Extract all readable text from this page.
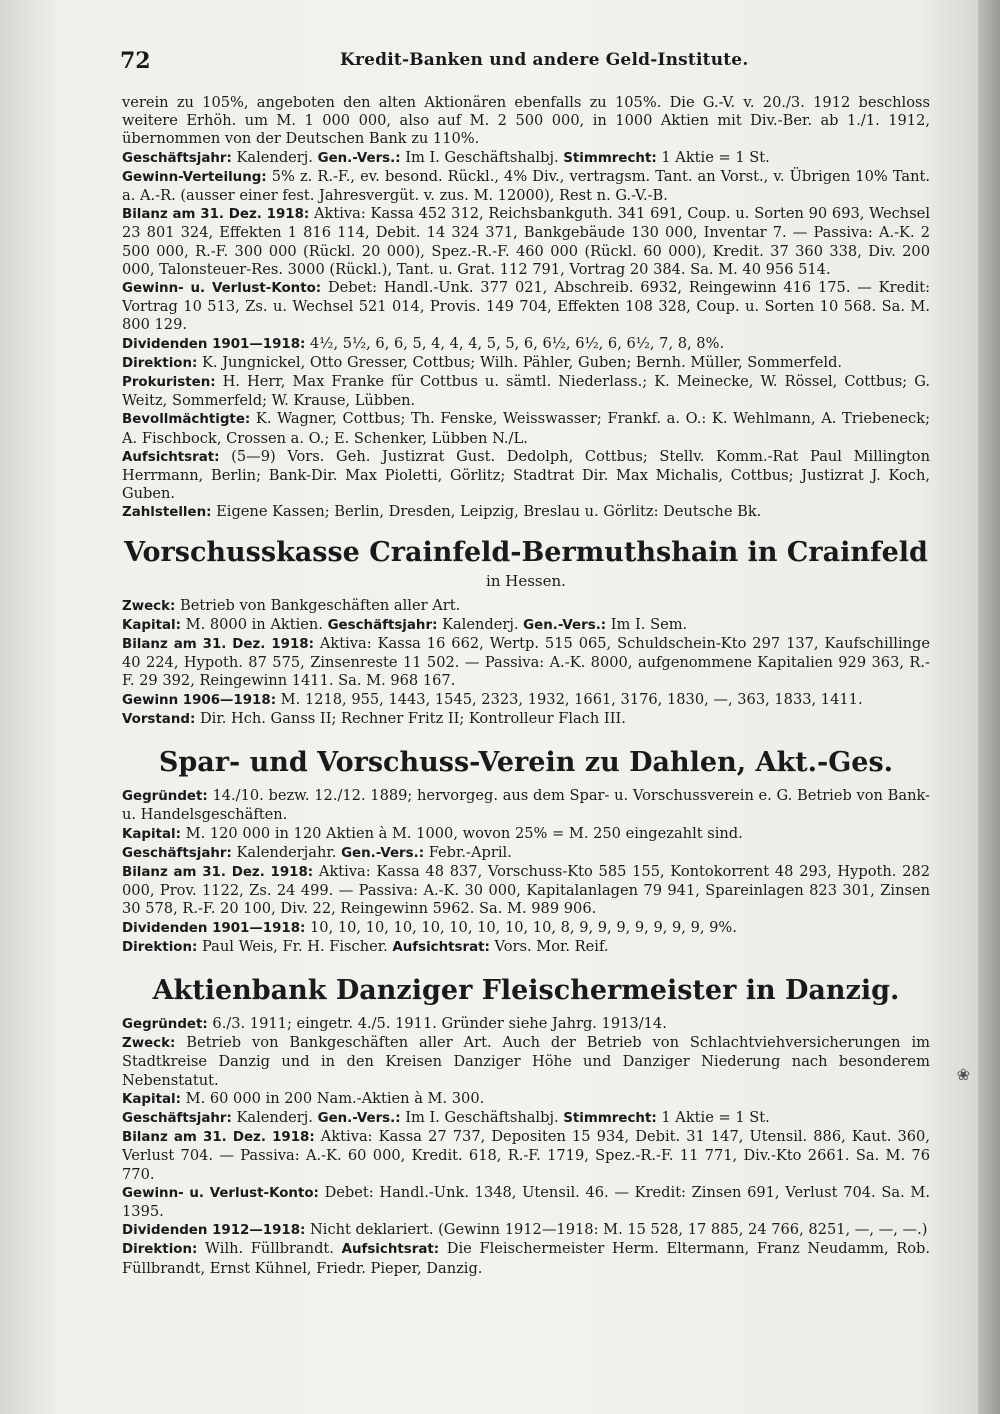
72	Kredit-Banken und andere Geld-Institute.

verein zu 105%, angeboten den alten Aktionären ebenfalls zu 105%. Die G.-V. v. 20./3. 1912 beschloss weitere Erhöh. um M. 1 000 000, also auf M. 2 500 000, in 1000 Aktien mit Div.-Ber. ab 1./1. 1912, übernommen von der Deutschen Bank zu 110%.

Geschäftsjahr: Kalenderj. Gen.-Vers.: Im I. Geschäftshalbj. Stimmrecht: 1 Aktie = 1 St.

Gewinn-Verteilung: 5% z. R.-F., ev. besond. Rückl., 4% Div., vertragsm. Tant. an Vorst., v. Übrigen 10% Tant. a. A.-R. (ausser einer fest. Jahresvergüt. v. zus. M. 12000), Rest n. G.-V.-B.

Bilanz am 31. Dez. 1918: Aktiva: Kassa 452 312, Reichsbankguth. 341 691, Coup. u. Sorten 90 693, Wechsel 23 801 324, Effekten 1 816 114, Debit. 14 324 371, Bankgebäude 130 000, Inventar 7. — Passiva: A.-K. 2 500 000, R.-F. 300 000 (Rückl. 20 000), Spez.-R.-F. 460 000 (Rückl. 60 000), Kredit. 37 360 338, Div. 200 000, Talonsteuer-Res. 3000 (Rückl.), Tant. u. Grat. 112 791, Vortrag 20 384. Sa. M. 40 956 514.

Gewinn- u. Verlust-Konto: Debet: Handl.-Unk. 377 021, Abschreib. 6932, Reingewinn 416 175. — Kredit: Vortrag 10 513, Zs. u. Wechsel 521 014, Provis. 149 704, Effekten 108 328, Coup. u. Sorten 10 568. Sa. M. 800 129.

Dividenden 1901—1918: 4½, 5½, 6, 6, 5, 4, 4, 4, 5, 5, 6, 6½, 6½, 6, 6½, 7, 8, 8%.

Direktion: K. Jungnickel, Otto Gresser, Cottbus; Wilh. Pähler, Guben; Bernh. Müller, Sommerfeld.

Prokuristen: H. Herr, Max Franke für Cottbus u. sämtl. Niederlass.; K. Meinecke, W. Rössel, Cottbus; G. Weitz, Sommerfeld; W. Krause, Lübben.

Bevollmächtigte: K. Wagner, Cottbus; Th. Fenske, Weisswasser; Frankf. a. O.: K. Wehlmann, A. Triebeneck; A. Fischbock, Crossen a. O.; E. Schenker, Lübben N./L.

Aufsichtsrat: (5—9) Vors. Geh. Justizrat Gust. Dedolph, Cottbus; Stellv. Komm.-Rat Paul Millington Herrmann, Berlin; Bank-Dir. Max Pioletti, Görlitz; Stadtrat Dir. Max Michalis, Cottbus; Justizrat J. Koch, Guben.

Zahlstellen: Eigene Kassen; Berlin, Dresden, Leipzig, Breslau u. Görlitz: Deutsche Bk.

Vorschusskasse Crainfeld-Bermuthshain in Crainfeld
in Hessen.

Zweck: Betrieb von Bankgeschäften aller Art.

Kapital: M. 8000 in Aktien. Geschäftsjahr: Kalenderj. Gen.-Vers.: Im I. Sem.

Bilanz am 31. Dez. 1918: Aktiva: Kassa 16 662, Wertp. 515 065, Schuldschein-Kto 297 137, Kaufschillinge 40 224, Hypoth. 87 575, Zinsenreste 11 502. — Passiva: A.-K. 8000, aufgenommene Kapitalien 929 363, R.-F. 29 392, Reingewinn 1411. Sa. M. 968 167.

Gewinn 1906—1918: M. 1218, 955, 1443, 1545, 2323, 1932, 1661, 3176, 1830, —, 363, 1833, 1411.

Vorstand: Dir. Hch. Ganss II; Rechner Fritz II; Kontrolleur Flach III.

Spar- und Vorschuss-Verein zu Dahlen, Akt.-Ges.

Gegründet: 14./10. bezw. 12./12. 1889; hervorgeg. aus dem Spar- u. Vorschussverein e. G. Betrieb von Bank- u. Handelsgeschäften.

Kapital: M. 120 000 in 120 Aktien à M. 1000, wovon 25% = M. 250 eingezahlt sind.

Geschäftsjahr: Kalenderjahr. Gen.-Vers.: Febr.-April.

Bilanz am 31. Dez. 1918: Aktiva: Kassa 48 837, Vorschuss-Kto 585 155, Kontokorrent 48 293, Hypoth. 282 000, Prov. 1122, Zs. 24 499. — Passiva: A.-K. 30 000, Kapitalanlagen 79 941, Spareinlagen 823 301, Zinsen 30 578, R.-F. 20 100, Div. 22, Reingewinn 5962. Sa. M. 989 906.

Dividenden 1901—1918: 10, 10, 10, 10, 10, 10, 10, 10, 10, 8, 9, 9, 9, 9, 9, 9, 9, 9%.

Direktion: Paul Weis, Fr. H. Fischer. Aufsichtsrat: Vors. Mor. Reif.

Aktienbank Danziger Fleischermeister in Danzig.

Gegründet: 6./3. 1911; eingetr. 4./5. 1911. Gründer siehe Jahrg. 1913/14.

Zweck: Betrieb von Bankgeschäften aller Art. Auch der Betrieb von Schlachtviehversicherungen im Stadtkreise Danzig und in den Kreisen Danziger Höhe und Danziger Niederung nach besonderem Nebenstatut.

Kapital: M. 60 000 in 200 Nam.-Aktien à M. 300.

Geschäftsjahr: Kalenderj. Gen.-Vers.: Im I. Geschäftshalbj. Stimmrecht: 1 Aktie = 1 St.

Bilanz am 31. Dez. 1918: Aktiva: Kassa 27 737, Depositen 15 934, Debit. 31 147, Utensil. 886, Kaut. 360, Verlust 704. — Passiva: A.-K. 60 000, Kredit. 618, R.-F. 1719, Spez.-R.-F. 11 771, Div.-Kto 2661. Sa. M. 76 770.

Gewinn- u. Verlust-Konto: Debet: Handl.-Unk. 1348, Utensil. 46. — Kredit: Zinsen 691, Verlust 704. Sa. M. 1395.

Dividenden 1912—1918: Nicht deklariert. (Gewinn 1912—1918: M. 15 528, 17 885, 24 766, 8251, —, —, —.)

Direktion: Wilh. Füllbrandt. Aufsichtsrat: Die Fleischermeister Herm. Eltermann, Franz Neudamm, Rob. Füllbrandt, Ernst Kühnel, Friedr. Pieper, Danzig.

❀
